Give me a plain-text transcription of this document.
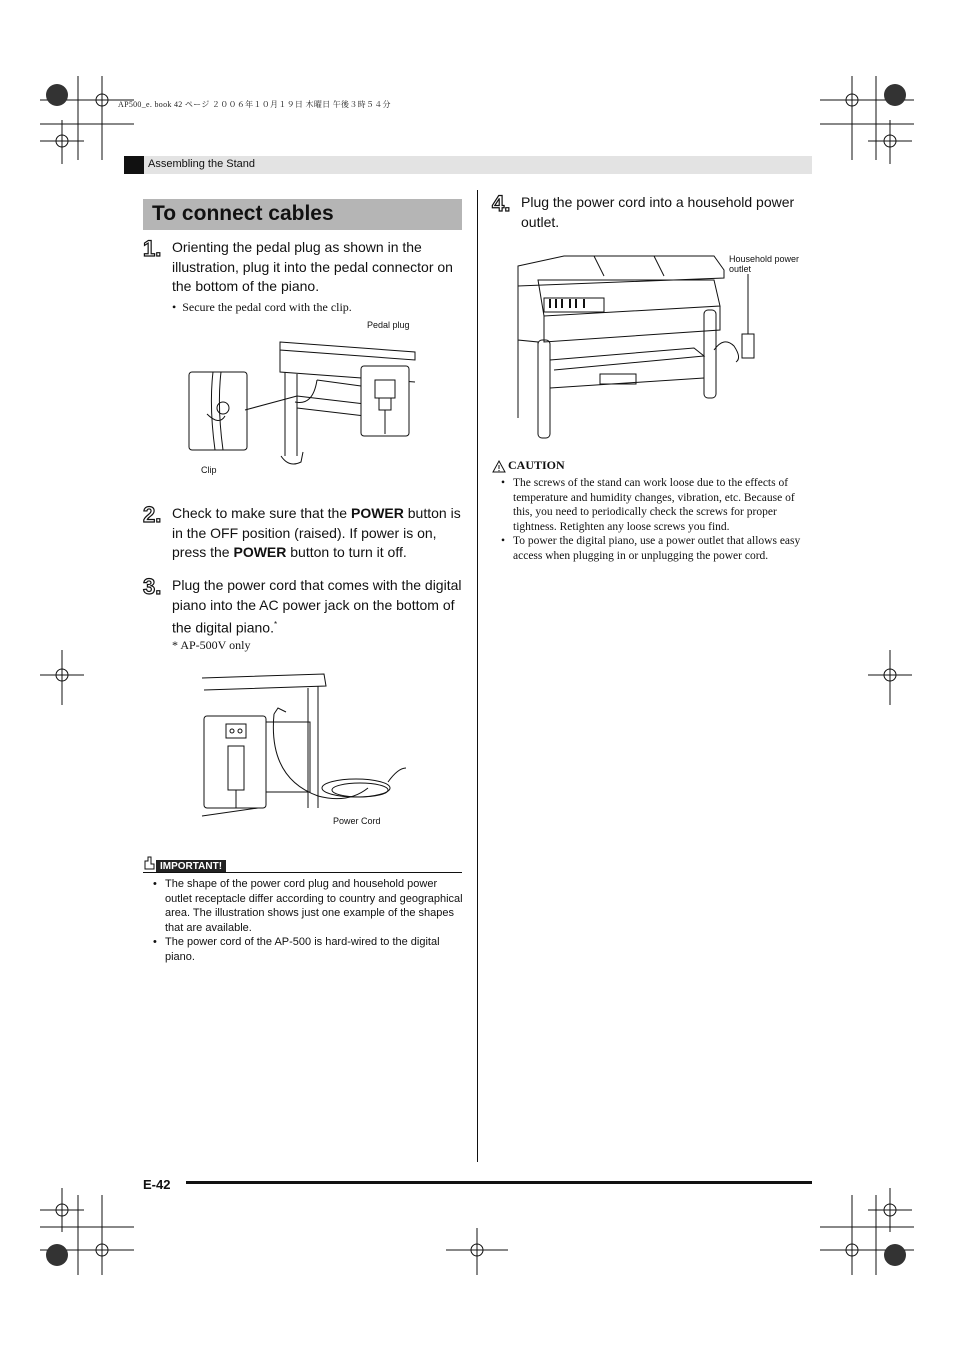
AP500_e. book 42 ページ ２００６年１０月１９日 木曜日 午後３時５４分
Assembling the Stand
To connect cables
1. Orienting the pedal plug as shown in the illustration, plug it into the pedal connector on the bottom of the piano.
•  Secure the pedal cord with the clip.
Pedal plug
Clip
2. Check to make sure that the POWER button is in the OFF position (raised). If power is on, press the POWER button to turn it off.
3. Plug the power cord that comes with the digital piano into the AC power jack on the bottom of the digital piano.*
* AP-500V only
Power Cord
IMPORTANT!
• The shape of the power cord plug and household power outlet receptacle differ according to country and geographical area. The illustration shows just one example of the shapes that are available.
• The power cord of the AP-500 is hard-wired to the digital piano.
4. Plug the power cord into a household power outlet.
Household power
outlet
CAUTION
• The screws of the stand can work loose due to the effects of temperature and humidity changes, vibration, etc. Because of this, you need to periodically check the screws for proper tightness. Retighten any loose screws you find.
• To power the digital piano, use a power outlet that allows easy access when plugging in or unplugging the power cord.
E-42
